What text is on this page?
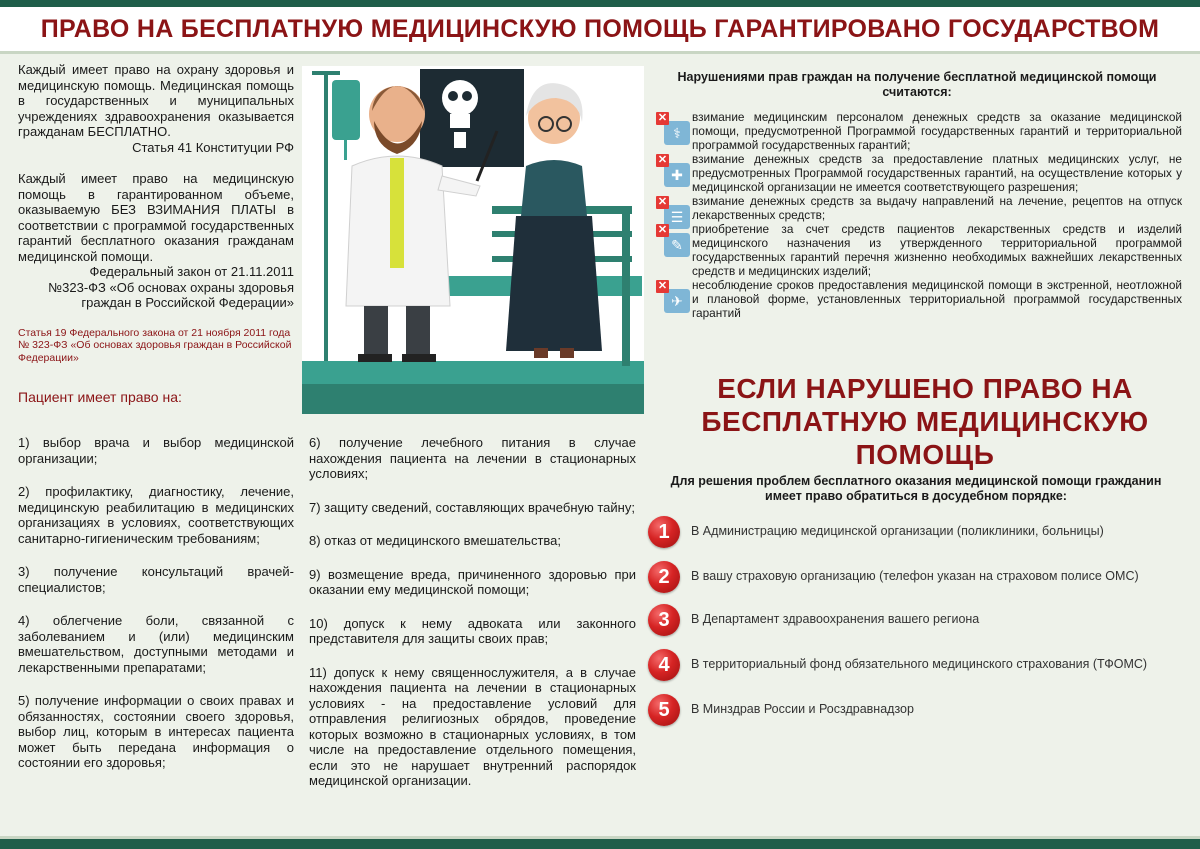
ПРАВО НА БЕСПЛАТНУЮ МЕДИЦИНСКУЮ ПОМОЩЬ ГАРАНТИРОВАНО ГОСУДАРСТВОМ

Каждый имеет право на охрану здоровья и медицинскую помощь. Медицинская помощь в государственных и муниципальных учреждениях здравоохранения оказывается гражданам БЕСПЛАТНО.

Статья 41 Конституции РФ

Каждый имеет право на медицинскую помощь в гарантированном объеме, оказываемую БЕЗ ВЗИМАНИЯ ПЛАТЫ в соответствии с программой государственных гарантий бесплатного оказания гражданам медицинской помощи.

Федеральный закон от 21.11.2011 №323-ФЗ «Об основах охраны здоровья граждан в Российской Федерации»

Статья 19 Федерального закона от 21 ноября 2011 года № 323-ФЗ «Об основах здоровья граждан в Российской Федерации»

Пациент имеет право на:

1) выбор врача и выбор медицинской организации;

2) профилактику, диагностику, лечение, медицинскую реабилитацию в медицинских организациях в условиях, соответствующих санитарно-гигиеническим требованиям;

3) получение консультаций врачей-специалистов;

4) облегчение боли, связанной с заболеванием и (или) медицинским вмешательством, доступными методами и лекарственными препаратами;

5) получение информации о своих правах и обязанностях, состоянии своего здоровья, выбор лиц, которым в интересах пациента может быть передана информация о состоянии его здоровья;

6) получение лечебного питания в случае нахождения пациента на лечении в стационарных условиях;

7) защиту сведений, составляющих врачебную тайну;

8) отказ от медицинского вмешательства;

9) возмещение вреда, причиненного здоровью при оказании ему медицинской помощи;

10) допуск к нему адвоката или законного представителя для защиты своих прав;

11) допуск к нему священнослужителя, а в случае нахождения пациента на лечении в стационарных условиях - на предоставление условий для отправления религиозных обрядов, проведение которых возможно в стационарных условиях, в том числе на предоставление отдельного помещения, если это не нарушает внутренний распорядок медицинской организации.

Нарушениями прав граждан на получение бесплатной медицинской помощи считаются:
⚕
✕ взимание медицинским персоналом денежных средств за оказание медицинской помощи, предусмотренной Программой государственных гарантий и территориальной программой государственных гарантий;
✚
✕ взимание денежных средств за предоставление платных медицинских услуг, не предусмотренных Программой государственных гарантий, на осуществление которых у медицинской организации не имеется соответствующего разрешения;
☰
✕ взимание денежных средств за выдачу направлений на лечение, рецептов на отпуск лекарственных средств;
✎
✕ приобретение за счет средств пациентов лекарственных средств и изделий медицинского назначения из утвержденного территориальной программой государственных гарантий перечня жизненно необходимых важнейших лекарственных средств и медицинских изделий;
✈
✕ несоблюдение сроков предоставления медицинской помощи в экстренной, неотложной и плановой форме, установленных территориальной программой государственных гарантий
ЕСЛИ НАРУШЕНО ПРАВО НА БЕСПЛАТНУЮ МЕДИЦИНСКУЮ ПОМОЩЬ
Для решения проблем бесплатного оказания медицинской помощи гражданин имеет право обратиться в досудебном порядке:
1	В Администрацию медицинской организации (поликлиники, больницы)
2	В вашу страховую организацию (телефон указан на страховом полисе ОМС)
3	В Департамент здравоохранения вашего региона
4	В территориальный фонд обязательного медицинского страхования (ТФОМС)
5	В Минздрав России и Росздравнадзор
